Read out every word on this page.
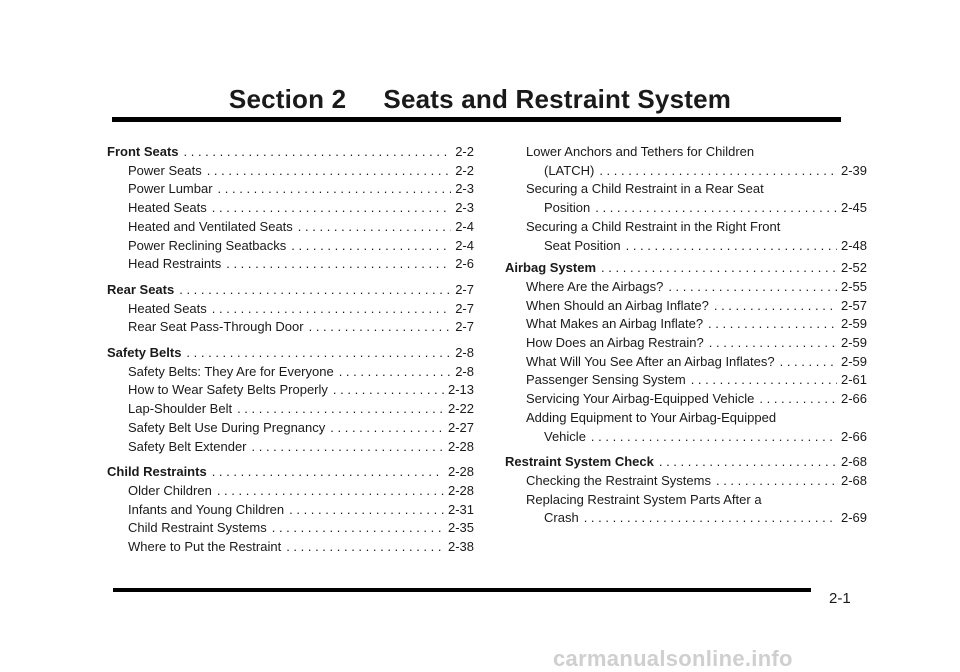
Section 2     Seats and Restraint System
Front Seats . . .	2-2
Power Seats . . .	2-2
Power Lumbar . . .	2-3
Heated Seats . . .	2-3
Heated and Ventilated Seats . . .	2-4
Power Reclining Seatbacks . . .	2-4
Head Restraints . . .	2-6
Rear Seats . . .	2-7
Heated Seats . . .	2-7
Rear Seat Pass-Through Door . . .	2-7
Safety Belts . . .	2-8
Safety Belts: They Are for Everyone . . .	2-8
How to Wear Safety Belts Properly . . .	2-13
Lap-Shoulder Belt . . .	2-22
Safety Belt Use During Pregnancy . . .	2-27
Safety Belt Extender . . .	2-28
Child Restraints . . .	2-28
Older Children . . .	2-28
Infants and Young Children . . .	2-31
Child Restraint Systems . . .	2-35
Where to Put the Restraint . . .	2-38
Lower Anchors and Tethers for Children
(LATCH) . . .	2-39
Securing a Child Restraint in a Rear Seat
Position . . .	2-45
Securing a Child Restraint in the Right Front
Seat Position . . .	2-48
Airbag System . . .	2-52
Where Are the Airbags? . . .	2-55
When Should an Airbag Inflate? . . .	2-57
What Makes an Airbag Inflate? . . .	2-59
How Does an Airbag Restrain? . . .	2-59
What Will You See After an Airbag Inflates? . . .	2-59
Passenger Sensing System . . .	2-61
Servicing Your Airbag-Equipped Vehicle . . .	2-66
Adding Equipment to Your Airbag-Equipped
Vehicle . . .	2-66
Restraint System Check . . .	2-68
Checking the Restraint Systems . . .	2-68
Replacing Restraint System Parts After a
Crash . . .	2-69
2-1
carmanualsonline.info
